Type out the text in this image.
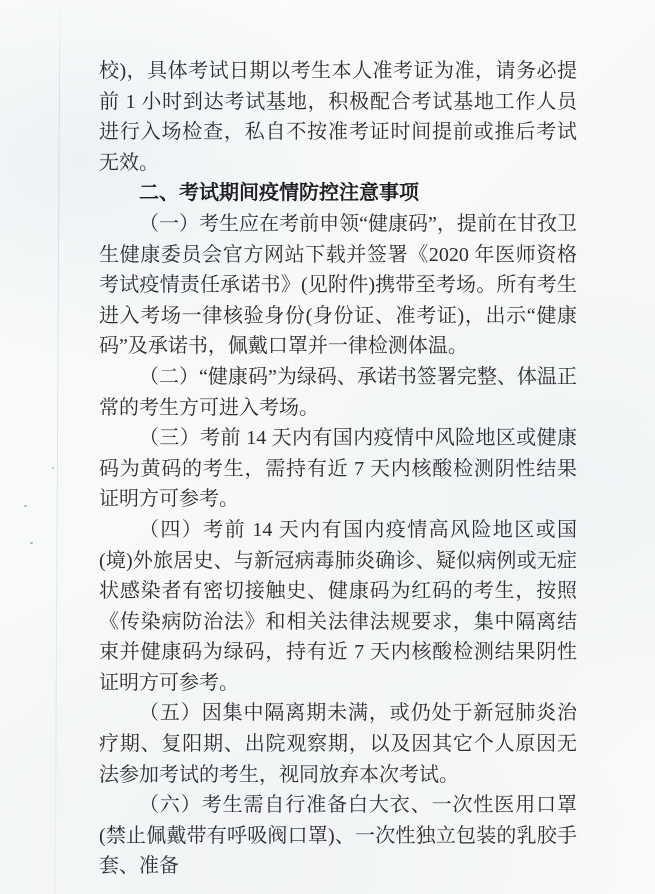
校)，具体考试日期以考生本人准考证为准，请务必提前 1 小时到达考试基地，积极配合考试基地工作人员进行入场检查，私自不按准考证时间提前或推后考试无效。

二、考试期间疫情防控注意事项

（一）考生应在考前申领“健康码”，提前在甘孜卫生健康委员会官方网站下载并签署《2020 年医师资格考试疫情责任承诺书》(见附件)携带至考场。所有考生进入考场一律核验身份(身份证、准考证)，出示“健康码”及承诺书，佩戴口罩并一律检测体温。

（二）“健康码”为绿码、承诺书签署完整、体温正常的考生方可进入考场。

（三）考前 14 天内有国内疫情中风险地区或健康码为黄码的考生，需持有近 7 天内核酸检测阴性结果证明方可参考。

（四）考前 14 天内有国内疫情高风险地区或国(境)外旅居史、与新冠病毒肺炎确诊、疑似病例或无症状感染者有密切接触史、健康码为红码的考生，按照《传染病防治法》和相关法律法规要求，集中隔离结束并健康码为绿码，持有近 7 天内核酸检测结果阴性证明方可参考。

（五）因集中隔离期未满，或仍处于新冠肺炎治疗期、复阳期、出院观察期，以及因其它个人原因无法参加考试的考生，视同放弃本次考试。

（六）考生需自行准备白大衣、一次性医用口罩(禁止佩戴带有呼吸阀口罩)、一次性独立包装的乳胶手套、准备
